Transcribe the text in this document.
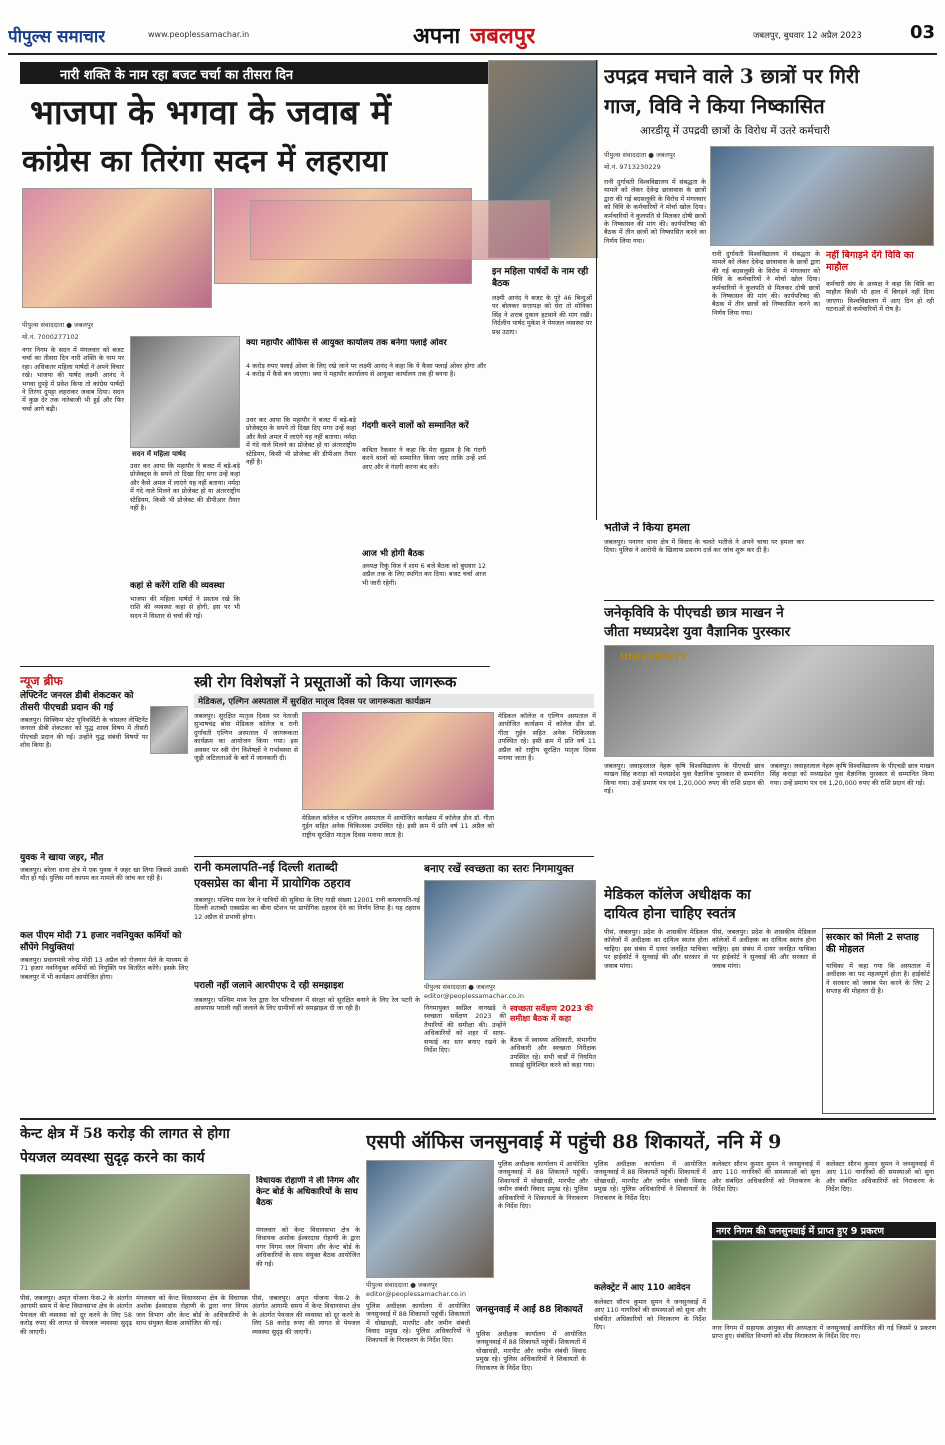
पीपुल्स समाचार	www.peoplessamachar.in	अपना जबलपुर	जबलपुर, बुधवार 12 अप्रैल 2023	03
नारी शक्ति के नाम रहा बजट चर्चा का तीसरा दिन
भाजपा के भगवा के जवाब में
कांग्रेस का तिरंगा सदन में लहराया
पीपुल्स संवाददाता ● जबलपुर
मो.नं. 7000277102
नगर निगम के सदन में मंगलवार को बजट चर्चा का तीसरा दिन नारी शक्ति के नाम पर रहा। अधिकतर महिला पार्षदों ने अपने विचार रखे। भाजपा की पार्षद लक्ष्मी आनंद ने भगवा दुपट्टे में प्रवेश किया तो कांग्रेस पार्षदों ने तिरंगा दुपट्टा लहराकर जवाब दिया। सदन में कुछ देर तक नारेबाजी भी हुई और फिर चर्चा आगे बढ़ी।
सदन में महिला पार्षद
उधर कर आया कि महापौर ने बजट में बड़े-बड़े प्रोजेक्ट्स के सपने तो दिखा दिए मगर उन्हें कहां और कैसे अमल में लाएंगे यह नहीं बताया। नर्मदा में गंदे नाले मिलने का प्रोजेक्ट हो या अंतरराष्ट्रीय स्टेडियम, किसी भी प्रोजेक्ट की डीपीआर तैयार नहीं है।
कहां से करेंगे राशि की व्यवस्था
भाजपा की महिला पार्षदों ने प्रस्ताव रखे कि राशि की व्यवस्था कहां से होगी, इस पर भी सदन में विस्तार से चर्चा की गई।
क्या महापौर ऑफिस से आयुक्त कार्यालय तक बनेगा फ्लाई ओवर
4 करोड़ रुपए फ्लाई ओवर के लिए रखे जाने पर लक्ष्मी आनंद ने कहा कि ये कैसा फ्लाई ओवर होगा और 4 करोड़ में कैसे बन जाएगा। क्या ये महापौर कार्यालय से आयुक्त कार्यालय तक ही बनना है।
उधर कर आया कि महापौर ने बजट में बड़े-बड़े प्रोजेक्ट्स के सपने तो दिखा दिए मगर उन्हें कहां और कैसे अमल में लाएंगे यह नहीं बताया। नर्मदा में गंदे नाले मिलने का प्रोजेक्ट हो या अंतरराष्ट्रीय स्टेडियम, किसी भी प्रोजेक्ट की डीपीआर तैयार नहीं है।
गंदगी करने वालों को सम्मानित करें
कविता रैकवार ने कहा कि मेरा सुझाव है कि गंदगी करने वालों को सम्मानित किया जाए ताकि उन्हें शर्म आए और वे गंदगी करना बंद करें।
आज भी होगी बैठक
अध्यक्ष रिकुं विज ने शाम 6 बजे बैठक को बुधवार 12 अप्रैल तक के लिए स्थगित कर दिया। बजट चर्चा आज भी जारी रहेगी।
इन महिला पार्षदों के नाम रही बैठक
लक्ष्मी आनंद ने बजट के पूरे 46 बिन्दुओं पर बोलकर सत्तापक्ष को घेरा तो मोनिका सिंह ने शराब दुकान हटवाने की मांग रखी। निर्दलीय पार्षद मुकेश ने पेयजल व्यवस्था पर प्रश्न उठाए।
उपद्रव मचाने वाले 3 छात्रों पर गिरी
गाज, विवि ने किया निष्कासित
आरडीयू में उपद्रवी छात्रों के विरोध में उतरे कर्मचारी
पीपुल्स संवाददाता ● जबलपुर
मो.नं. 9713230229
रानी दुर्गावती विश्वविद्यालय में संबद्धता के मामले को लेकर देवेन्द्र छात्रावास के छात्रों द्वारा की गई बदसलूकी के विरोध में मंगलवार को विवि के कर्मचारियों ने मोर्चा खोल दिया। कर्मचारियों ने कुलपति से मिलकर दोषी छात्रों के निष्कासन की मांग की। कार्यपरिषद की बैठक में तीन छात्रों को निष्कासित करने का निर्णय लिया गया।
रानी दुर्गावती विश्वविद्यालय में संबद्धता के मामले को लेकर देवेन्द्र छात्रावास के छात्रों द्वारा की गई बदसलूकी के विरोध में मंगलवार को विवि के कर्मचारियों ने मोर्चा खोल दिया। कर्मचारियों ने कुलपति से मिलकर दोषी छात्रों के निष्कासन की मांग की। कार्यपरिषद की बैठक में तीन छात्रों को निष्कासित करने का निर्णय लिया गया।
नहीं बिगाड़ने देंगे विवि का माहौल
कर्मचारी संघ के अध्यक्ष ने कहा कि विवि का माहौल किसी भी हाल में बिगड़ने नहीं दिया जाएगा। विश्वविद्यालय में आए दिन हो रही घटनाओं से कर्मचारियों में रोष है।
भतीजे ने किया हमला
जबलपुर। पनागर थाना क्षेत्र में विवाद के चलते भतीजे ने अपने चाचा पर हमला कर दिया। पुलिस ने आरोपी के खिलाफ प्रकरण दर्ज कर जांच शुरू कर दी है।
जनेकृविवि के पीएचडी छात्र माखन ने
जीता मध्यप्रदेश युवा वैज्ञानिक पुरस्कार
UNIVERSITY
जबलपुर। जवाहरलाल नेहरू कृषि विश्वविद्यालय के पीएचडी छात्र माखन सिंह कराड़ा को मध्यप्रदेश युवा वैज्ञानिक पुरस्कार से सम्मानित किया गया। उन्हें प्रमाण पत्र एवं 1,20,000 रुपए की राशि प्रदान की गई।
जबलपुर। जवाहरलाल नेहरू कृषि विश्वविद्यालय के पीएचडी छात्र माखन सिंह कराड़ा को मध्यप्रदेश युवा वैज्ञानिक पुरस्कार से सम्मानित किया गया। उन्हें प्रमाण पत्र एवं 1,20,000 रुपए की राशि प्रदान की गई।
न्यूज ब्रीफ
लेफ्टिनेंट जनरल डीबी शेकटकर को तीसरी पीएचडी प्रदान की गई
जबलपुर। सिक्किम स्टेट यूनिवर्सिटी के चांसलर लेफ्टिनेंट जनरल डीबी शेकटकर को युद्ध शास्त्र विषय में तीसरी पीएचडी प्रदान की गई। उन्होंने युद्ध संबंधी विषयों पर शोध किया है।
युवक ने खाया जहर, मौत
जबलपुर। बरेला थाना क्षेत्र में एक युवक ने जहर खा लिया जिससे उसकी मौत हो गई। पुलिस मर्ग कायम कर मामले की जांच कर रही है।
कल पीएम मोदी 71 हजार नवनियुक्त कर्मियों को सौंपेंगे नियुक्तियां
जबलपुर। प्रधानमंत्री नरेन्द्र मोदी 13 अप्रैल को रोजगार मेले के माध्यम से 71 हजार नवनियुक्त कर्मियों को नियुक्ति पत्र वितरित करेंगे। इसके लिए जबलपुर में भी कार्यक्रम आयोजित होगा।
स्त्री रोग विशेषज्ञों ने प्रसूताओं को किया जागरूक
मेडिकल, एल्गिन अस्पताल में सुरक्षित मातृत्व दिवस पर जागरूकता कार्यक्रम
जबलपुर। सुरक्षित मातृत्व दिवस पर नेताजी सुभाषचंद्र बोस मेडिकल कॉलेज व रानी दुर्गावती एल्गिन अस्पताल में जागरूकता कार्यक्रम का आयोजन किया गया। इस अवसर पर स्त्री रोग विशेषज्ञों ने गर्भावस्था से जुड़ी जटिलताओं के बारे में जानकारी दी।
मेडिकल कॉलेज व एल्गिन अस्पताल में आयोजित कार्यक्रम में कॉलेज डीन डॉ. गीता गुईन सहित अनेक चिकित्सक उपस्थित रहे। इसी क्रम में प्रति वर्ष 11 अप्रैल को राष्ट्रीय सुरक्षित मातृत्व दिवस मनाया जाता है।
मेडिकल कॉलेज व एल्गिन अस्पताल में आयोजित कार्यक्रम में कॉलेज डीन डॉ. गीता गुईन सहित अनेक चिकित्सक उपस्थित रहे। इसी क्रम में प्रति वर्ष 11 अप्रैल को राष्ट्रीय सुरक्षित मातृत्व दिवस मनाया जाता है।
रानी कमलापति-नई दिल्ली शताब्दी
एक्सप्रेस का बीना में प्रायोगिक ठहराव
जबलपुर। पश्चिम मध्य रेल ने यात्रियों की सुविधा के लिए गाड़ी संख्या 12001 रानी कमलापति-नई दिल्ली शताब्दी एक्सप्रेस का बीना स्टेशन पर प्रायोगिक ठहराव देने का निर्णय लिया है। यह ठहराव 12 अप्रैल से प्रभावी होगा।
पराली नहीं जलाने आरपीएफ दे रही समझाइश
जबलपुर। पश्चिम मध्य रेल द्वारा रेल परिचालन में संरक्षा को सुरक्षित बनाने के लिए रेल पटरी के आसपास पराली नहीं जलाने के लिए ग्रामीणों को समझाइश दी जा रही है।
बनाए रखें स्वच्छता का स्तरः निगमायुक्त
पीपुल्स संवाददाता ● जबलपुर
editor@peoplessamachar.co.in
निगमायुक्त स्वप्निल वानखड़े ने स्वच्छता सर्वेक्षण 2023 की तैयारियों की समीक्षा की। उन्होंने अधिकारियों को शहर में साफ-सफाई का स्तर बनाए रखने के निर्देश दिए।
स्वच्छता सर्वेक्षण 2023 की समीक्षा बैठक में कहा
बैठक में स्वास्थ्य अधिकारी, संभागीय अधिकारी और स्वच्छता निरीक्षक उपस्थित रहे। सभी वार्डों में नियमित सफाई सुनिश्चित करने को कहा गया।
मेडिकल कॉलेज अधीक्षक का
दायित्व होना चाहिए स्वतंत्र
पीसं, जबलपुर। प्रदेश के शासकीय मेडिकल कॉलेजों में अधीक्षक का दायित्व स्वतंत्र होना चाहिए। इस संबंध में दायर जनहित याचिका पर हाईकोर्ट ने सुनवाई की और सरकार से जवाब मांगा।
पीसं, जबलपुर। प्रदेश के शासकीय मेडिकल कॉलेजों में अधीक्षक का दायित्व स्वतंत्र होना चाहिए। इस संबंध में दायर जनहित याचिका पर हाईकोर्ट ने सुनवाई की और सरकार से जवाब मांगा।
सरकार को मिली 2 सप्ताह की मोहलत
याचिका में कहा गया कि अस्पताल में अधीक्षक का पद महत्वपूर्ण होता है। हाईकोर्ट ने सरकार को जवाब पेश करने के लिए 2 सप्ताह की मोहलत दी है।
केन्ट क्षेत्र में 58 करोड़ की लागत से होगा
पेयजल व्यवस्था सुदृढ़ करने का कार्य
विधायक रोहाणी ने ली निगम और केन्ट बोर्ड के अधिकारियों के साथ बैठक
मंगलवार को केन्ट विधानसभा क्षेत्र के विधायक अशोक ईश्वरदास रोहाणी के द्वारा नगर निगम जल विभाग और केन्ट बोर्ड के अधिकारियों के साथ संयुक्त बैठक आयोजित की गई।
पीसं, जबलपुर। अमृत योजना फेस-2 के अंतर्गत आगामी समय में केन्ट विधानसभा क्षेत्र के अंतर्गत पेयजल की व्यवस्था को दूर करने के लिए 58 करोड़ रुपए की लागत से पेयजल व्यवस्था सुदृढ़ की जाएगी।
मंगलवार को केन्ट विधानसभा क्षेत्र के विधायक अशोक ईश्वरदास रोहाणी के द्वारा नगर निगम जल विभाग और केन्ट बोर्ड के अधिकारियों के साथ संयुक्त बैठक आयोजित की गई।
पीसं, जबलपुर। अमृत योजना फेस-2 के अंतर्गत आगामी समय में केन्ट विधानसभा क्षेत्र के अंतर्गत पेयजल की व्यवस्था को दूर करने के लिए 58 करोड़ रुपए की लागत से पेयजल व्यवस्था सुदृढ़ की जाएगी।
एसपी ऑफिस जनसुनवाई में पहुंची 88 शिकायतें, ननि में 9
पीपुल्स संवाददाता ● जबलपुर
editor@peoplessamachar.co.in
पुलिस अधीक्षक कार्यालय में आयोजित जनसुनवाई में 88 शिकायतें पहुंचीं। शिकायतों में धोखाधड़ी, मारपीट और जमीन संबंधी विवाद प्रमुख रहे। पुलिस अधिकारियों ने शिकायतों के निराकरण के निर्देश दिए।
पुलिस अधीक्षक कार्यालय में आयोजित जनसुनवाई में 88 शिकायतें पहुंचीं। शिकायतों में धोखाधड़ी, मारपीट और जमीन संबंधी विवाद प्रमुख रहे। पुलिस अधिकारियों ने शिकायतों के निराकरण के निर्देश दिए।
जनसुनवाई में आईं 88 शिकायतें
पुलिस अधीक्षक कार्यालय में आयोजित जनसुनवाई में 88 शिकायतें पहुंचीं। शिकायतों में धोखाधड़ी, मारपीट और जमीन संबंधी विवाद प्रमुख रहे। पुलिस अधिकारियों ने शिकायतों के निराकरण के निर्देश दिए।
पुलिस अधीक्षक कार्यालय में आयोजित जनसुनवाई में 88 शिकायतें पहुंचीं। शिकायतों में धोखाधड़ी, मारपीट और जमीन संबंधी विवाद प्रमुख रहे। पुलिस अधिकारियों ने शिकायतों के निराकरण के निर्देश दिए।
कलेक्ट्रेट में आए 110 आवेदन
कलेक्टर सौरभ कुमार सुमन ने जनसुनवाई में आए 110 नागरिकों की समस्याओं को सुना और संबंधित अधिकारियों को निराकरण के निर्देश दिए।
कलेक्टर सौरभ कुमार सुमन ने जनसुनवाई में आए 110 नागरिकों की समस्याओं को सुना और संबंधित अधिकारियों को निराकरण के निर्देश दिए।
कलेक्टर सौरभ कुमार सुमन ने जनसुनवाई में आए 110 नागरिकों की समस्याओं को सुना और संबंधित अधिकारियों को निराकरण के निर्देश दिए।
नगर निगम की जनसुनवाई में प्राप्त हुए 9 प्रकरण
नगर निगम में सहायक आयुक्त की अध्यक्षता में जनसुनवाई आयोजित की गई जिसमें 9 प्रकरण प्राप्त हुए। संबंधित विभागों को शीघ्र निराकरण के निर्देश दिए गए।
